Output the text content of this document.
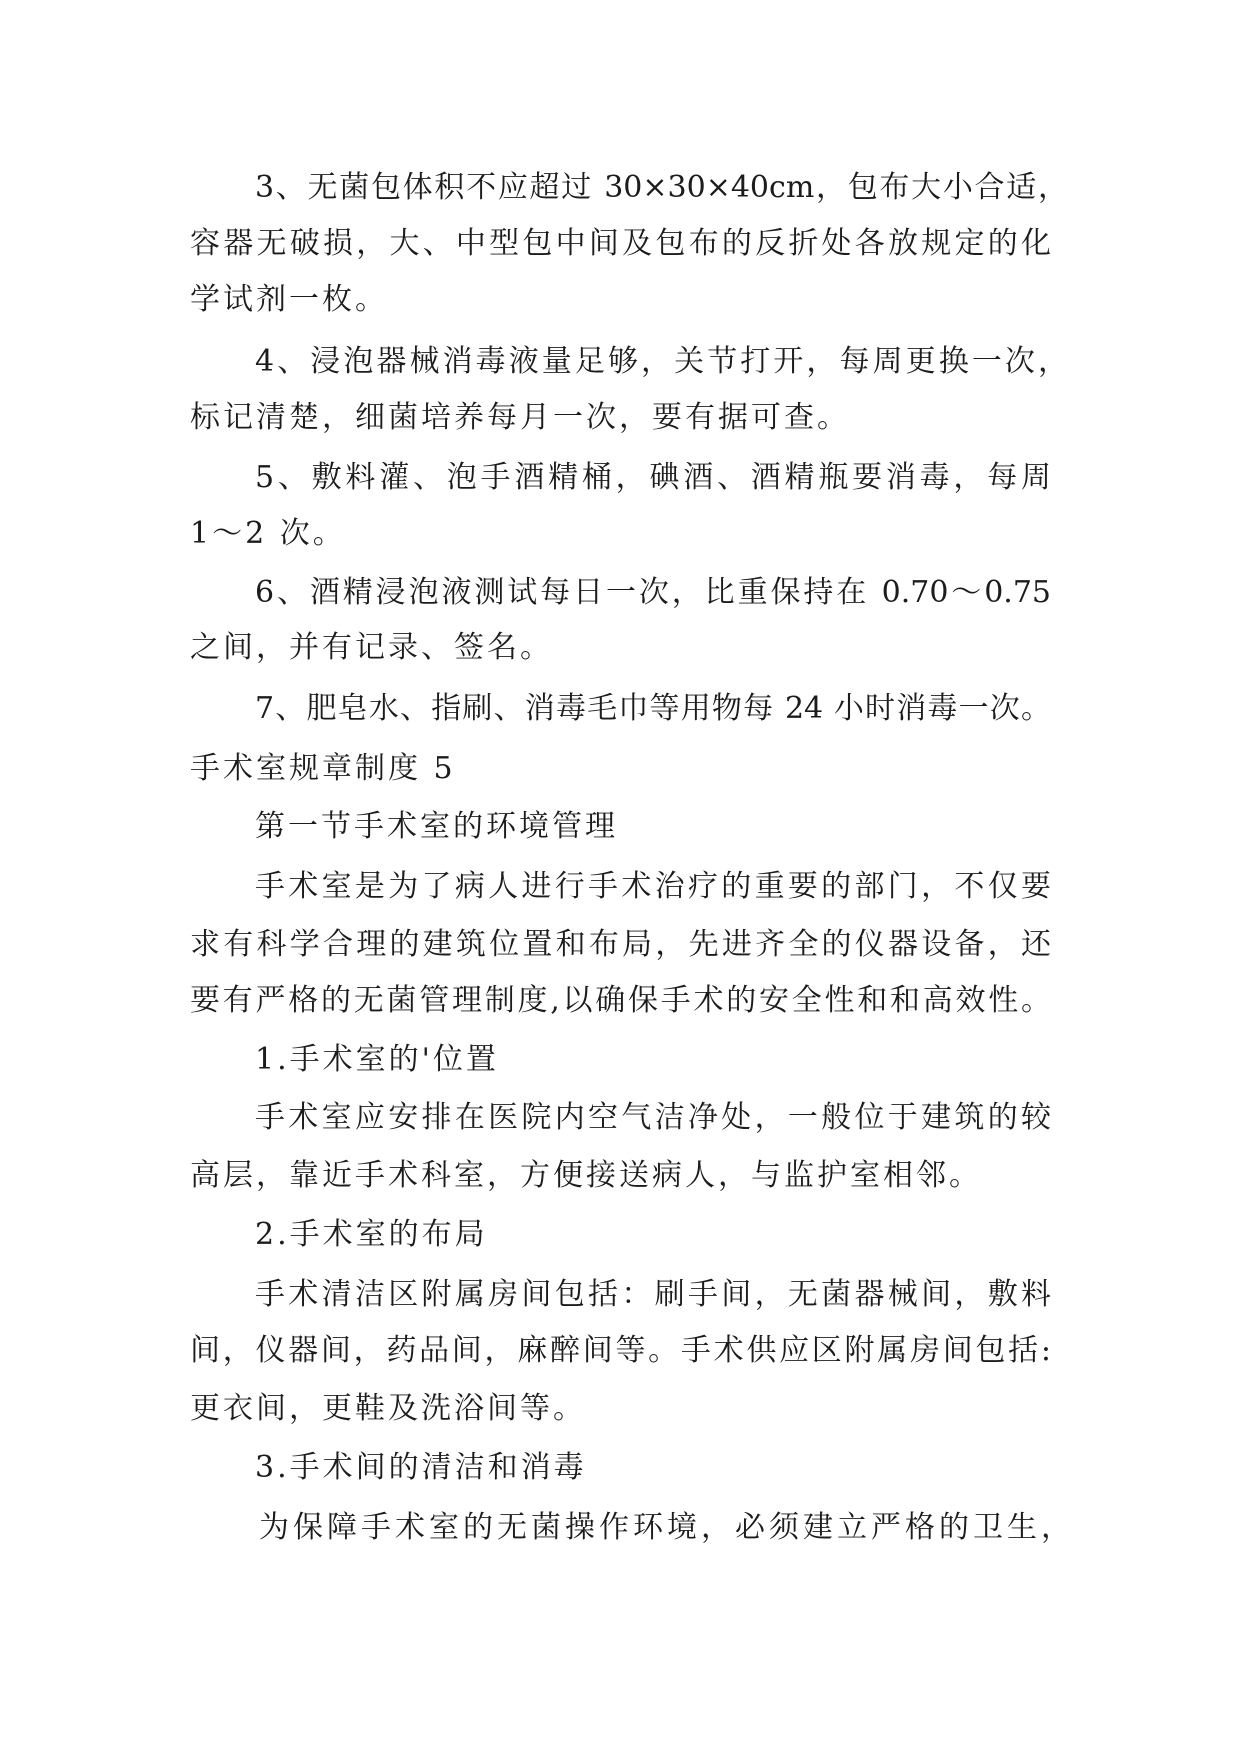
3、无菌包体积不应超过 30×30×40cm，包布大小合适，
容器无破损，大、中型包中间及包布的反折处各放规定的化
学试剂一枚。
4、浸泡器械消毒液量足够，关节打开，每周更换一次，
标记清楚，细菌培养每月一次，要有据可查。
5、敷料灌、泡手酒精桶，碘酒、酒精瓶要消毒，每周
1～2 次。
6、酒精浸泡液测试每日一次，比重保持在 0.70～0.75
之间，并有记录、签名。
7、肥皂水、指刷、消毒毛巾等用物每 24 小时消毒一次。
手术室规章制度 5
第一节手术室的环境管理
手术室是为了病人进行手术治疗的重要的部门，不仅要
求有科学合理的建筑位置和布局，先进齐全的仪器设备，还
要有严格的无菌管理制度,以确保手术的安全性和和高效性。
1.手术室的'位置
手术室应安排在医院内空气洁净处，一般位于建筑的较
高层，靠近手术科室，方便接送病人，与监护室相邻。
2.手术室的布局
手术清洁区附属房间包括：刷手间，无菌器械间，敷料
间，仪器间，药品间，麻醉间等。手术供应区附属房间包括:
更衣间，更鞋及洗浴间等。
3.手术间的清洁和消毒
为保障手术室的无菌操作环境，必须建立严格的卫生，
